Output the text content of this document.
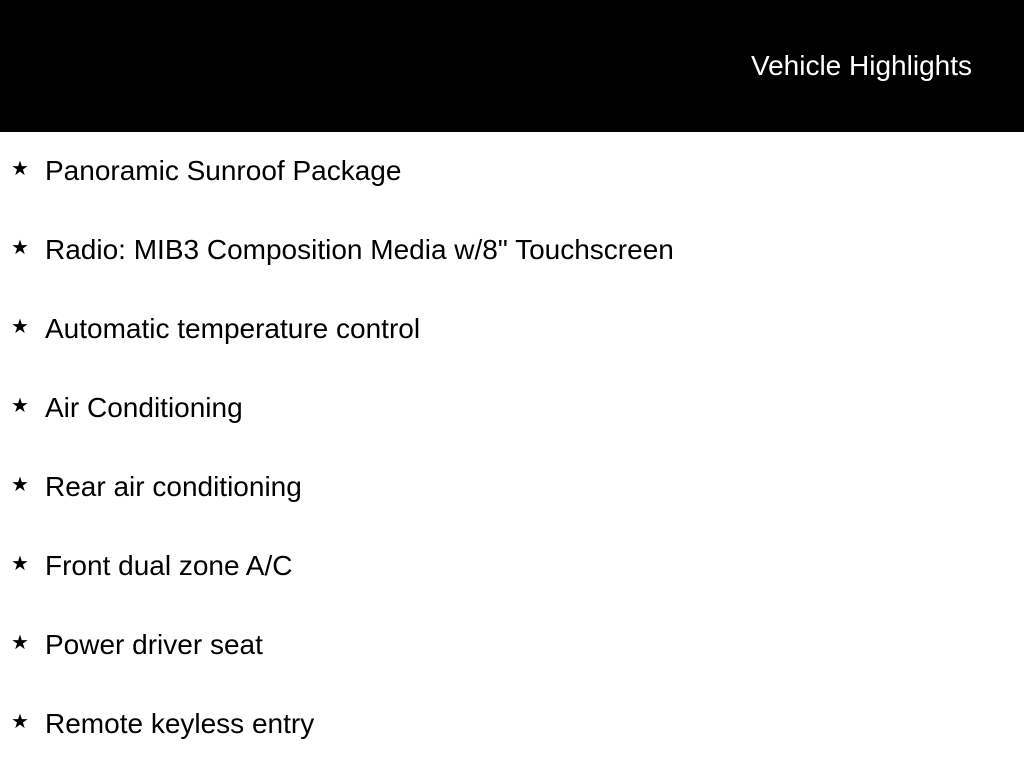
Vehicle Highlights
★ Panoramic Sunroof Package
★ Radio: MIB3 Composition Media w/8" Touchscreen
★ Automatic temperature control
★ Air Conditioning
★ Rear air conditioning
★ Front dual zone A/C
★ Power driver seat
★ Remote keyless entry
